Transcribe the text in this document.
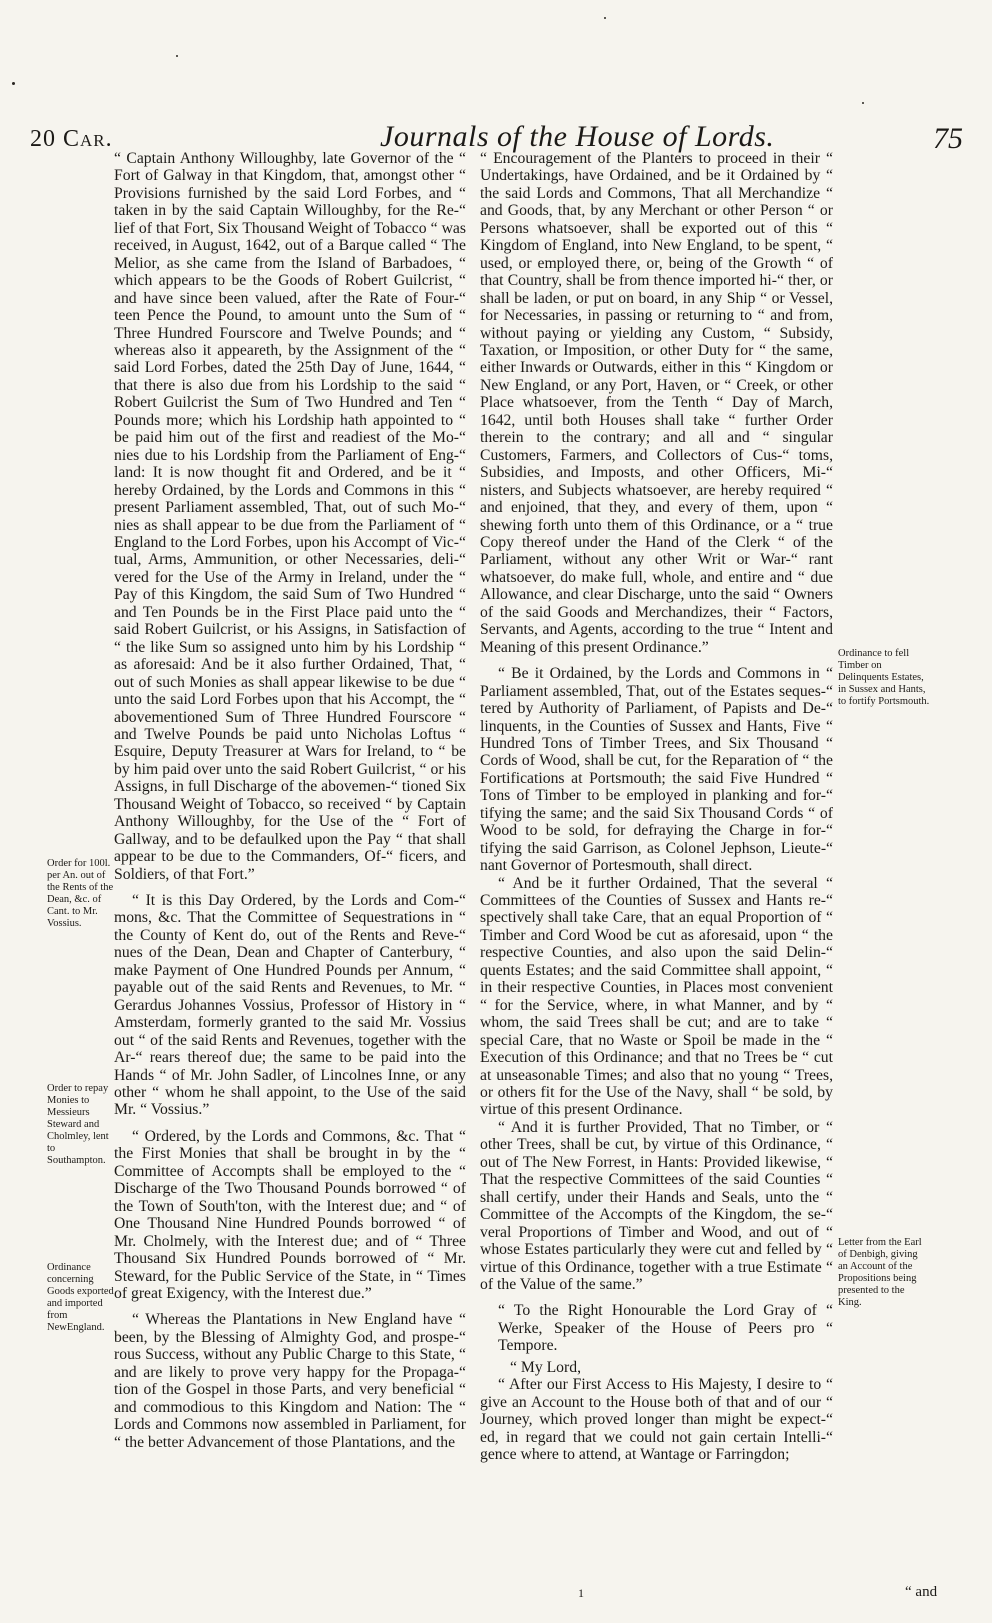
20 Car.	Journals of the House of Lords.	75

“ Captain Anthony Willoughby, late Governor of the “ Fort of Galway in that Kingdom, that, amongst other “ Provisions furnished by the said Lord Forbes, and “ taken in by the said Captain Willoughby, for the Re-“ lief of that Fort, Six Thousand Weight of Tobacco “ was received, in August, 1642, out of a Barque called “ The Melior, as she came from the Island of Barbadoes, “ which appears to be the Goods of Robert Guilcrist, “ and have since been valued, after the Rate of Four-“ teen Pence the Pound, to amount unto the Sum of “ Three Hundred Fourscore and Twelve Pounds; and “ whereas also it appeareth, by the Assignment of the “ said Lord Forbes, dated the 25th Day of June, 1644, “ that there is also due from his Lordship to the said “ Robert Guilcrist the Sum of Two Hundred and Ten “ Pounds more; which his Lordship hath appointed to “ be paid him out of the first and readiest of the Mo-“ nies due to his Lordship from the Parliament of Eng-“ land: It is now thought fit and Ordered, and be it “ hereby Ordained, by the Lords and Commons in this “ present Parliament assembled, That, out of such Mo-“ nies as shall appear to be due from the Parliament of “ England to the Lord Forbes, upon his Accompt of Vic-“ tual, Arms, Ammunition, or other Necessaries, deli-“ vered for the Use of the Army in Ireland, under the “ Pay of this Kingdom, the said Sum of Two Hundred “ and Ten Pounds be in the First Place paid unto the “ said Robert Guilcrist, or his Assigns, in Satisfaction of “ the like Sum so assigned unto him by his Lordship “ as aforesaid: And be it also further Ordained, That, “ out of such Monies as shall appear likewise to be due “ unto the said Lord Forbes upon that his Accompt, the “ abovementioned Sum of Three Hundred Fourscore “ and Twelve Pounds be paid unto Nicholas Loftus “ Esquire, Deputy Treasurer at Wars for Ireland, to “ be by him paid over unto the said Robert Guilcrist, “ or his Assigns, in full Discharge of the abovemen-“ tioned Six Thousand Weight of Tobacco, so received “ by Captain Anthony Willoughby, for the Use of the “ Fort of Gallway, and to be defaulked upon the Pay “ that shall appear to be due to the Commanders, Of-“ ficers, and Soldiers, of that Fort.”

“ It is this Day Ordered, by the Lords and Com-“ mons, &c. That the Committee of Sequestrations in “ the County of Kent do, out of the Rents and Reve-“ nues of the Dean, Dean and Chapter of Canterbury, “ make Payment of One Hundred Pounds per Annum, “ payable out of the said Rents and Revenues, to Mr. “ Gerardus Johannes Vossius, Professor of History in “ Amsterdam, formerly granted to the said Mr. Vossius out “ of the said Rents and Revenues, together with the Ar-“ rears thereof due; the same to be paid into the Hands “ of Mr. John Sadler, of Lincolnes Inne, or any other “ whom he shall appoint, to the Use of the said Mr. “ Vossius.”

“ Ordered, by the Lords and Commons, &c. That “ the First Monies that shall be brought in by the “ Committee of Accompts shall be employed to the “ Discharge of the Two Thousand Pounds borrowed “ of the Town of South'ton, with the Interest due; and “ of One Thousand Nine Hundred Pounds borrowed “ of Mr. Cholmely, with the Interest due; and of “ Three Thousand Six Hundred Pounds borrowed of “ Mr. Steward, for the Public Service of the State, in “ Times of great Exigency, with the Interest due.”

“ Whereas the Plantations in New England have “ been, by the Blessing of Almighty God, and prospe-“ rous Success, without any Public Charge to this State, “ and are likely to prove very happy for the Propaga-“ tion of the Gospel in those Parts, and very beneficial “ and commodious to this Kingdom and Nation: The “ Lords and Commons now assembled in Parliament, for “ the better Advancement of those Plantations, and the

“ Encouragement of the Planters to proceed in their “ Undertakings, have Ordained, and be it Ordained by “ the said Lords and Commons, That all Merchandize “ and Goods, that, by any Merchant or other Person “ or Persons whatsoever, shall be exported out of this “ Kingdom of England, into New England, to be spent, “ used, or employed there, or, being of the Growth “ of that Country, shall be from thence imported hi-“ ther, or shall be laden, or put on board, in any Ship “ or Vessel, for Necessaries, in passing or returning to “ and from, without paying or yielding any Custom, “ Subsidy, Taxation, or Imposition, or other Duty for “ the same, either Inwards or Outwards, either in this “ Kingdom or New England, or any Port, Haven, or “ Creek, or other Place whatsoever, from the Tenth “ Day of March, 1642, until both Houses shall take “ further Order therein to the contrary; and all and “ singular Customers, Farmers, and Collectors of Cus-“ toms, Subsidies, and Imposts, and other Officers, Mi-“ nisters, and Subjects whatsoever, are hereby required “ and enjoined, that they, and every of them, upon “ shewing forth unto them of this Ordinance, or a “ true Copy thereof under the Hand of the Clerk “ of the Parliament, without any other Writ or War-“ rant whatsoever, do make full, whole, and entire and “ due Allowance, and clear Discharge, unto the said “ Owners of the said Goods and Merchandizes, their “ Factors, Servants, and Agents, according to the true “ Intent and Meaning of this present Ordinance.”

“ Be it Ordained, by the Lords and Commons in “ Parliament assembled, That, out of the Estates seques-“ tered by Authority of Parliament, of Papists and De-“ linquents, in the Counties of Sussex and Hants, Five “ Hundred Tons of Timber Trees, and Six Thousand “ Cords of Wood, shall be cut, for the Reparation of “ the Fortifications at Portsmouth; the said Five Hundred “ Tons of Timber to be employed in planking and for-“ tifying the same; and the said Six Thousand Cords “ of Wood to be sold, for defraying the Charge in for-“ tifying the said Garrison, as Colonel Jephson, Lieute-“ nant Governor of Portesmouth, shall direct.

“ And be it further Ordained, That the several “ Committees of the Counties of Sussex and Hants re-“ spectively shall take Care, that an equal Proportion of “ Timber and Cord Wood be cut as aforesaid, upon “ the respective Counties, and also upon the said Delin-“ quents Estates; and the said Committee shall appoint, “ in their respective Counties, in Places most convenient “ for the Service, where, in what Manner, and by “ whom, the said Trees shall be cut; and are to take “ special Care, that no Waste or Spoil be made in the “ Execution of this Ordinance; and that no Trees be “ cut at unseasonable Times; and also that no young “ Trees, or others fit for the Use of the Navy, shall “ be sold, by virtue of this present Ordinance.

“ And it is further Provided, That no Timber, or “ other Trees, shall be cut, by virtue of this Ordinance, “ out of The New Forrest, in Hants: Provided likewise, “ That the respective Committees of the said Counties “ shall certify, under their Hands and Seals, unto the “ Committee of the Accompts of the Kingdom, the se-“ veral Proportions of Timber and Wood, and out of “ whose Estates particularly they were cut and felled by “ virtue of this Ordinance, together with a true Estimate “ of the Value of the same.”

“ To the Right Honourable the Lord Gray of “ Werke, Speaker of the House of Peers pro “ Tempore.

“ My Lord,

“ After our First Access to His Majesty, I desire to “ give an Account to the House both of that and of our “ Journey, which proved longer than might be expect-“ ed, in regard that we could not gain certain Intelli-“ gence where to attend, at Wantage or Farringdon;

Order for 100l. per An. out of the Rents of the Dean, &c. of Cant. to Mr. Vossius.
Order to repay Monies to Messieurs Steward and Cholmley, lent to Southampton.
Ordinance concerning Goods exported and imported from NewEngland.
Ordinance to fell Timber on Delinquents Estates, in Sussex and Hants, to fortify Portsmouth.
Letter from the Earl of Denbigh, giving an Account of the Propositions being presented to the King.
1	“ and
